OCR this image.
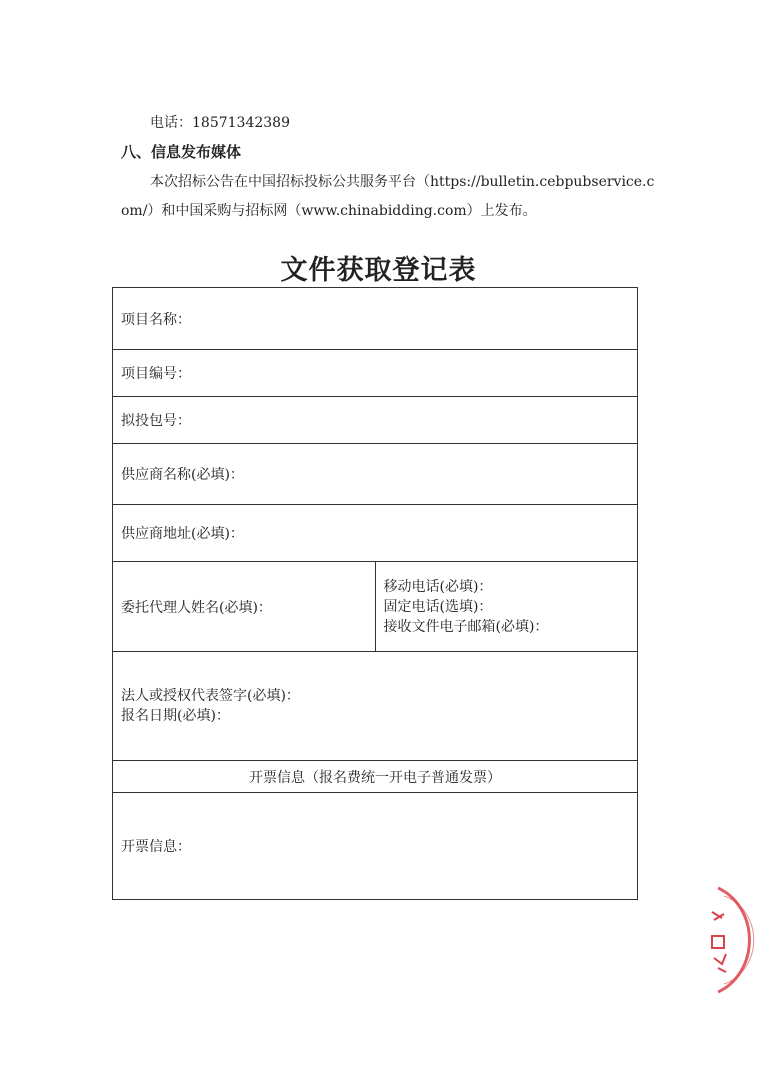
电话：18571342389
八、信息发布媒体
本次招标公告在中国招标投标公共服务平台（https://bulletin.cebpubservice.c
om/）和中国采购与招标网（www.chinabidding.com）上发布。
文件获取登记表
项目名称：
项目编号：
拟投包号：
供应商名称(必填)：
供应商地址(必填)：
委托代理人姓名(必填)：	
移动电话(必填)：
固定电话(选填)：
接收文件电子邮箱(必填)：

法人或授权代表签字(必填)：
报名日期(必填)：

开票信息（报名费统一开电子普通发票）
开票信息：
